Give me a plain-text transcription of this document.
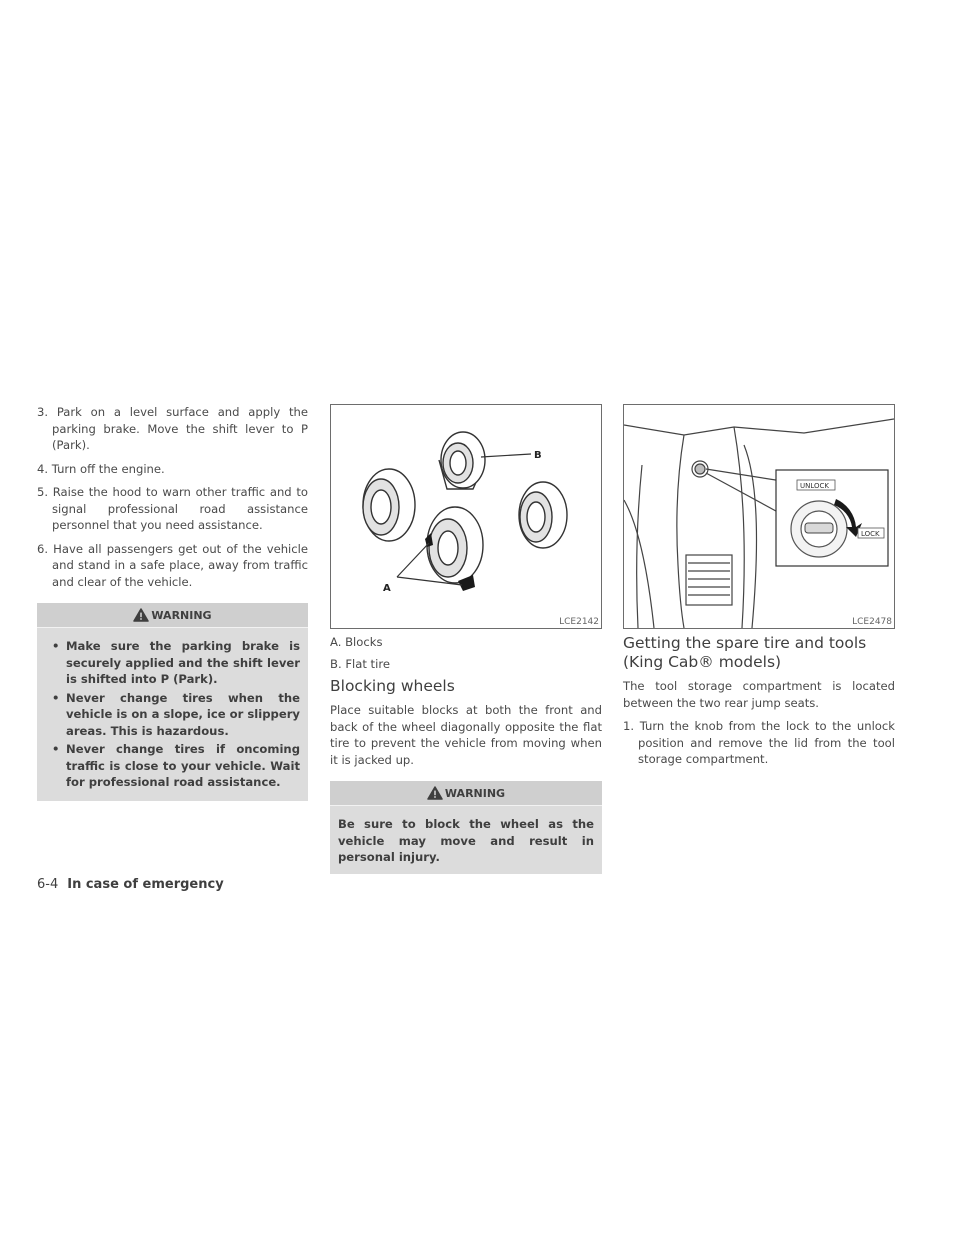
3. Park on a level surface and apply the parking brake. Move the shift lever to P (Park).

4. Turn off the engine.

5. Raise the hood to warn other traffic and to signal professional road assistance personnel that you need assistance.

6. Have all passengers get out of the vehicle and stand in a safe place, away from traffic and clear of the vehicle.

WARNING

• Make sure the parking brake is securely applied and the shift lever is shifted into P (Park).

• Never change tires when the vehicle is on a slope, ice or slippery areas. This is hazardous.

• Never change tires if oncoming traffic is close to your vehicle. Wait for professional road assistance.

B
A
LCE2142

A. Blocks

B. Flat tire

Blocking wheels

Place suitable blocks at both the front and back of the wheel diagonally opposite the flat tire to prevent the vehicle from moving when it is jacked up.

WARNING

Be sure to block the wheel as the vehicle may move and result in personal injury.

UNLOCK
LOCK
LCE2478
Getting the spare tire and tools (King Cab® models)

The tool storage compartment is located between the two rear jump seats.

1. Turn the knob from the lock to the unlock position and remove the lid from the tool storage compartment.

6-4 In case of emergency
